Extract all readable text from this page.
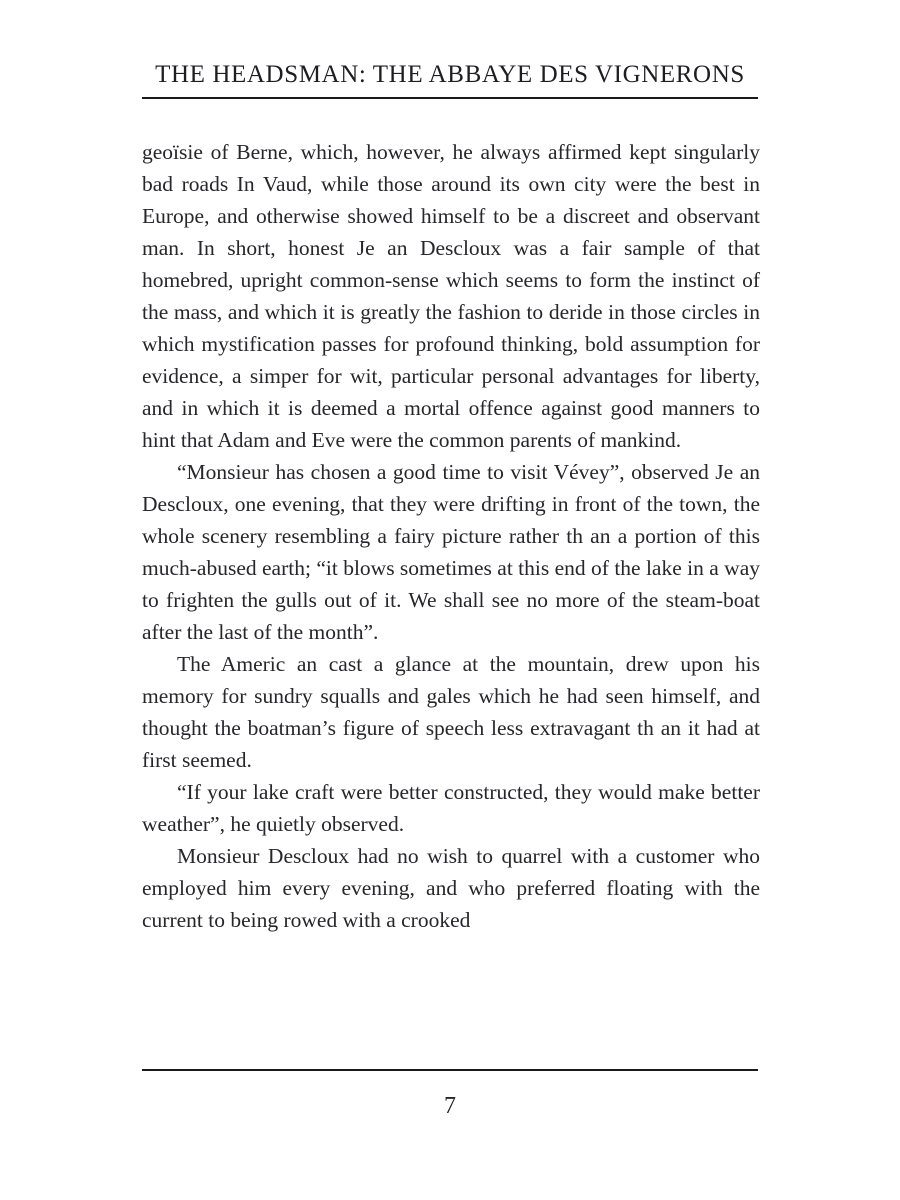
THE HEADSMAN: THE ABBAYE DES VIGNERONS

geoïsie of Berne, which, however, he always affirmed kept singularly bad roads In Vaud, while those around its own city were the best in Europe, and otherwise showed himself to be a discreet and observant man. In short, honest Je an Descloux was a fair sample of that homebred, upright common-sense which seems to form the instinct of the mass, and which it is greatly the fashion to deride in those circles in which mystification passes for profound thinking, bold assumption for evidence, a simper for wit, particular personal advantages for liberty, and in which it is deemed a mortal offence against good manners to hint that Adam and Eve were the common parents of mankind.

“Monsieur has chosen a good time to visit Vévey”, observed Je an Descloux, one evening, that they were drifting in front of the town, the whole scenery resembling a fairy picture rather th an a portion of this much-abused earth; “it blows sometimes at this end of the lake in a way to frighten the gulls out of it. We shall see no more of the steam-boat after the last of the month”.

The Americ an cast a glance at the mountain, drew upon his memory for sundry squalls and gales which he had seen himself, and thought the boatman’s figure of speech less extravagant th an it had at first seemed.

“If your lake craft were better constructed, they would make better weather”, he quietly observed.

Monsieur Descloux had no wish to quarrel with a customer who employed him every evening, and who preferred floating with the current to being rowed with a crooked

7
